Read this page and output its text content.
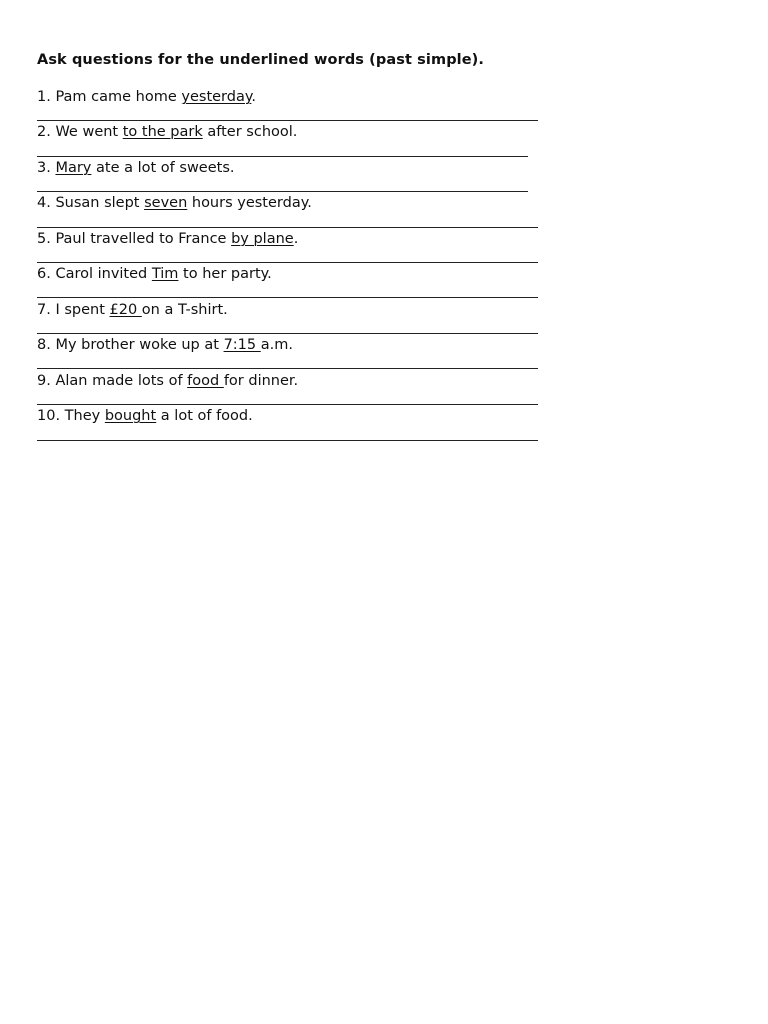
Ask questions for the underlined words (past simple).
1. Pam came home yesterday.
2. We went to the park after school.
3. Mary ate a lot of sweets.
4. Susan slept seven hours yesterday.
5. Paul travelled to France by plane.
6. Carol invited Tim to her party.
7. I spent £20 on a T-shirt.
8. My brother woke up at 7:15 a.m.
9. Alan made lots of food for dinner.
10. They bought a lot of food.
